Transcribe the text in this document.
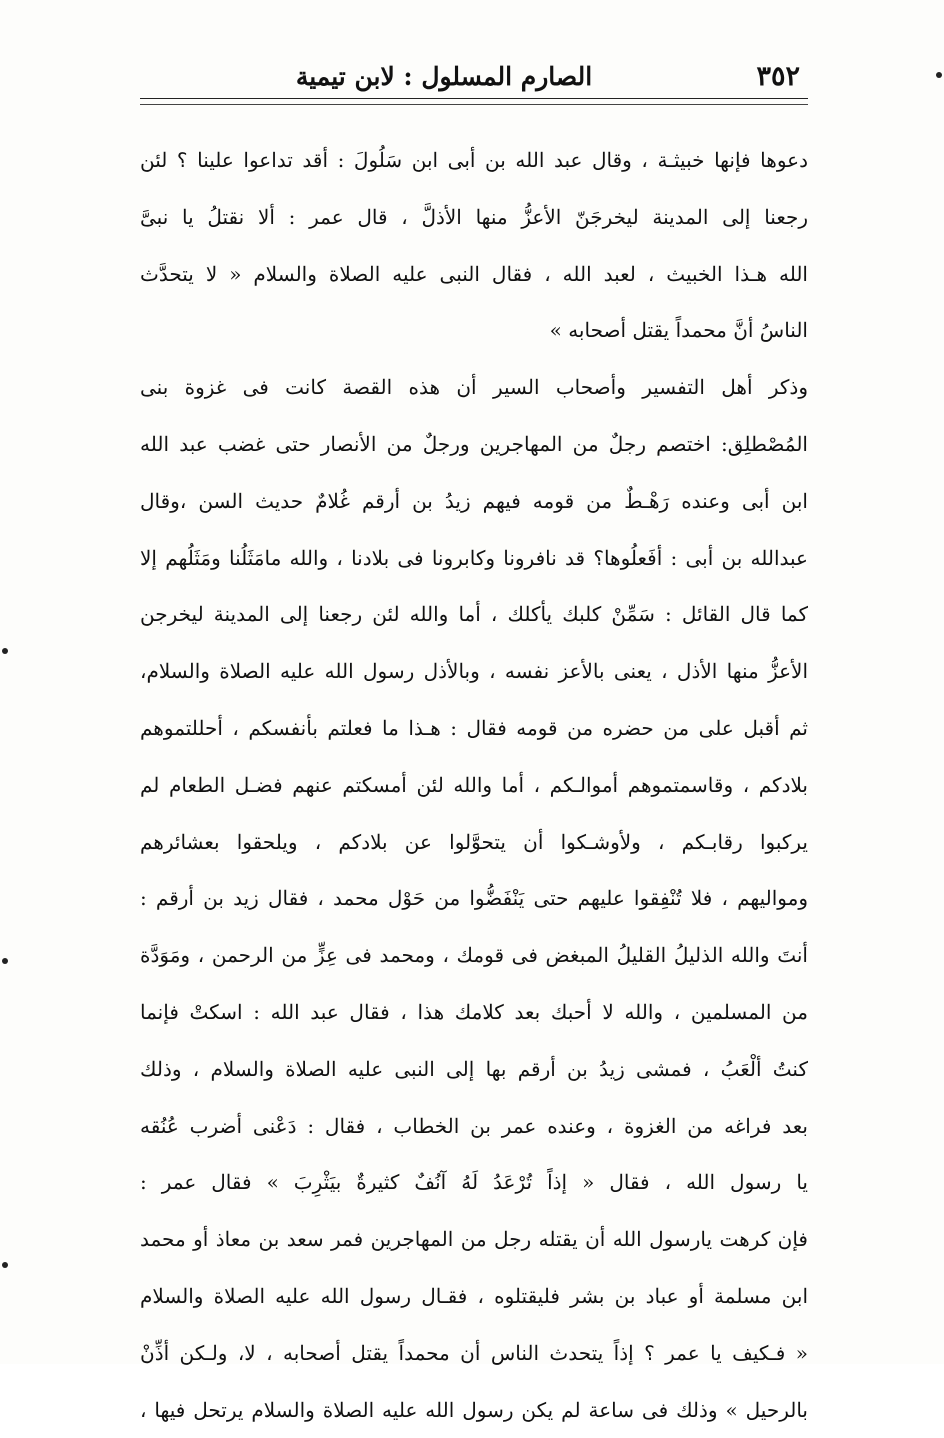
٣٥٢
الصارم المسلول : لابن تيمية
دعوها فإنها خبيثـة ، وقال عبد الله بن أبى ابن سَلُولَ : أقد تداعوا علينا ؟ لئن
رجعنا إلى المدينة ليخرجَنّ الأعزُّ منها الأذلَّ ، قال عمر : ألا نقتلُ يا نبىَّ
الله هـذا الخبيث ، لعبد الله ، فقال النبى عليه الصلاة والسلام « لا يتحدَّث
الناسُ أنَّ محمداً يقتل أصحابه »
وذكر أهل التفسير وأصحاب السير أن هذه القصة كانت فى غزوة بنى
المُصْطلِق: اختصم رجلٌ من المهاجرين ورجلٌ من الأنصار حتى غضب عبد الله
ابن أبى وعنده رَهْـطٌ من قومه فيهم زيدُ بن أرقم غُلامٌ حديث السن ،وقال
عبدالله بن أبى : أفَعلُوها؟ قد نافرونا وكابرونا فى بلادنا ، والله مامَثَلُنا ومَثَلُهم إلا
كما قال القائل : سَمِّنْ كلبك يأكلك ، أما والله لئن رجعنا إلى المدينة ليخرجن
الأعزُّ منها الأذل ، يعنى بالأعز نفسه ، وبالأذل رسول الله عليه الصلاة والسلام،
ثم أقبل على من حضره من قومه فقال : هـذا ما فعلتم بأنفسكم ، أحللتموهم
بلادكم ، وقاسمتموهم أموالـكم ، أما والله لئن أمسكتم عنهم فضـل الطعام لم
يركبوا رقابـكم ، ولأوشـكوا أن يتحوَّلوا عن بلادكم ، ويلحقوا بعشائرهم
ومواليهم ، فلا تُنْفِقوا عليهم حتى يَنْفَضُّوا من حَوْل محمد ، فقال زيد بن أرقم :
أنتَ والله الذليلُ القليلُ المبغض فى قومك ، ومحمد فى عِزٍّ من الرحمن ، ومَوَدَّة
من المسلمين ، والله لا أحبك بعد كلامك هذا ، فقال عبد الله : اسكتْ فإنما
كنتُ ألْعَبُ ، فمشى زيدُ بن أرقم بها إلى النبى عليه الصلاة والسلام ، وذلك
بعد فراغه من الغزوة ، وعنده عمر بن الخطاب ، فقال : دَعْنى أضرب عُنُقه
يا رسول الله ، فقال « إذاً تُرْعَدُ لَهُ آنُفٌ كثيرةٌ بيَثْرِبَ » فقال عمر :
فإن كرهت يارسول الله أن يقتله رجل من المهاجرين فمر سعد بن معاذ أو محمد
ابن مسلمة أو عباد بن بشر فليقتلوه ، فقـال رسول الله عليه الصلاة والسلام
« فـكيف يا عمر ؟ إذاً يتحدث الناس أن محمداً يقتل أصحابه ، لا، ولـكن أذِّنْ
بالرحيل » وذلك فى ساعة لم يكن رسول الله عليه الصلاة والسلام يرتحل فيها ،
